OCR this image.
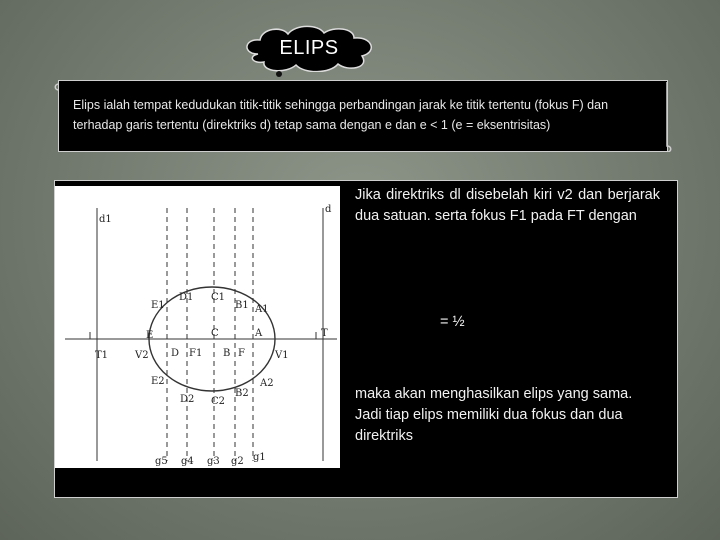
ELIPS
Elips ialah tempat kedudukan titik-titik sehingga perbandingan jarak ke titik tertentu (fokus F) dan terhadap garis tertentu (direktriks d) tetap sama dengan e dan e < 1 (e = eksentrisitas)
d1
D1 C1
B1 A1
d
E1
E
T1	V2 D F1
C
B F
A
V1
T
E2
D2 C2
B2
A2
g5 g4 g3 g2 g1
Jika direktriks dl disebelah kiri v2 dan berjarak dua satuan. serta fokus F1 pada FT dengan
= ½
maka akan menghasilkan elips yang sama. Jadi tiap elips memiliki dua fokus dan dua direktriks
